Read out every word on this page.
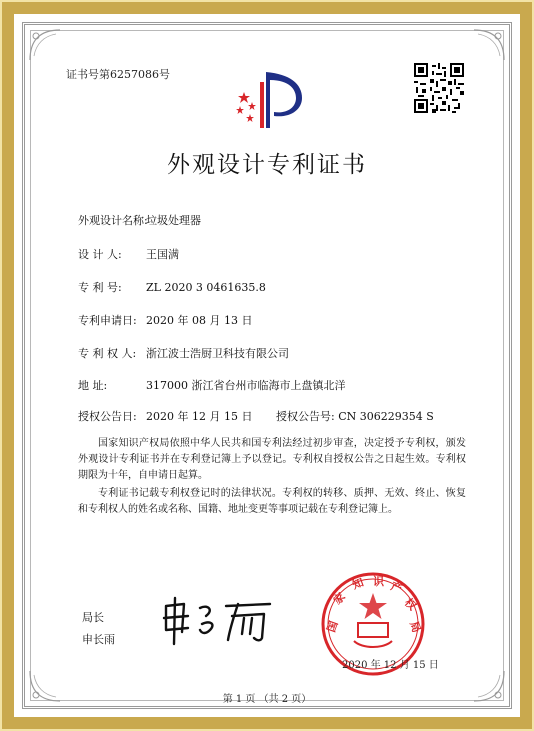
证书号第6257086号
外观设计专利证书
外观设计名称:垃圾处理器
设 计 人: 王国满
专 利 号: ZL 2020 3 0461635.8
专利申请日: 2020 年 08 月 13 日
专 利 权 人: 浙江波士浩厨卫科技有限公司
地 址:	317000 浙江省台州市临海市上盘镇北洋
授权公告日: 2020 年 12 月 15 日 授权公告号: CN 306229354 S
国家知识产权局依照中华人民共和国专利法经过初步审查，决定授予专利权，颁发外观设计专利证书并在专利登记簿上予以登记。专利权自授权公告之日起生效。专利权期限为十年，自申请日起算。
专利证书记载专利权登记时的法律状况。专利权的转移、质押、无效、终止、恢复和专利权人的姓名或名称、国籍、地址变更等事项记载在专利登记簿上。
局长
申长雨
国
家
知 识 产
权
局
2020 年 12 月 15 日
第 1 页 （共 2 页）
